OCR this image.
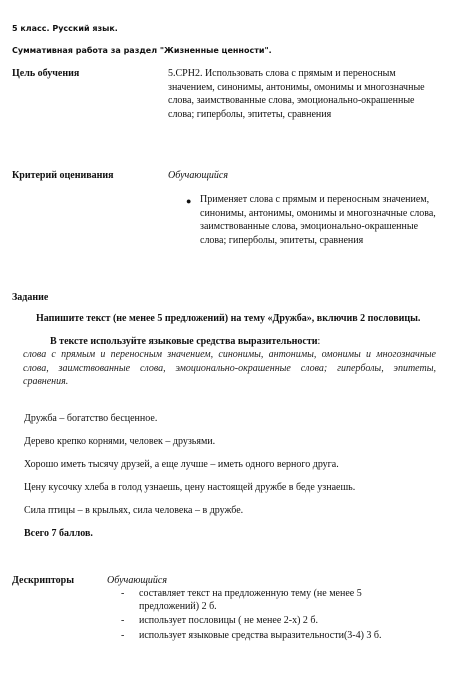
5 класс. Русский язык.
Суммативная работа за раздел "Жизненные ценности".
Цель обучения	5.СРН2. Использовать слова с прямым и переносным значением, синонимы, антонимы, омонимы и многозначные слова, заимствованные слова, эмоционально-окрашенные слова; гиперболы, эпитеты, сравнения
Критерий оценивания	Обучающийся
● Применяет слова с прямым и переносным значением, синонимы, антонимы, омонимы и многозначные слова, заимствованные слова, эмоционально-окрашенные слова; гиперболы, эпитеты, сравнения
Задание
Напишите текст (не менее 5 предложений) на тему «Дружба», включив 2 пословицы.
В тексте используйте языковые средства выразительности:
слова с прямым и переносным значением, синонимы, антонимы, омонимы и многозначные слова, заимствованные слова, эмоционально-окрашенные слова; гиперболы, эпитеты, сравнения.
Дружба – богатство бесценное.
Дерево крепко корнями, человек – друзьями.
Хорошо иметь тысячу друзей, а еще лучше – иметь одного верного друга.
Цену кусочку хлеба в голод узнаешь, цену настоящей дружбе в беде узнаешь.
Сила птицы – в крыльях, сила человека – в дружбе.
Всего 7 баллов.
Дескрипторы	Обучающийся
- составляет текст на предложенную тему (не менее 5 предложений) 2 б.
- использует пословицы ( не менее 2-х) 2 б.
- использует языковые средства выразительности(3-4) 3 б.
